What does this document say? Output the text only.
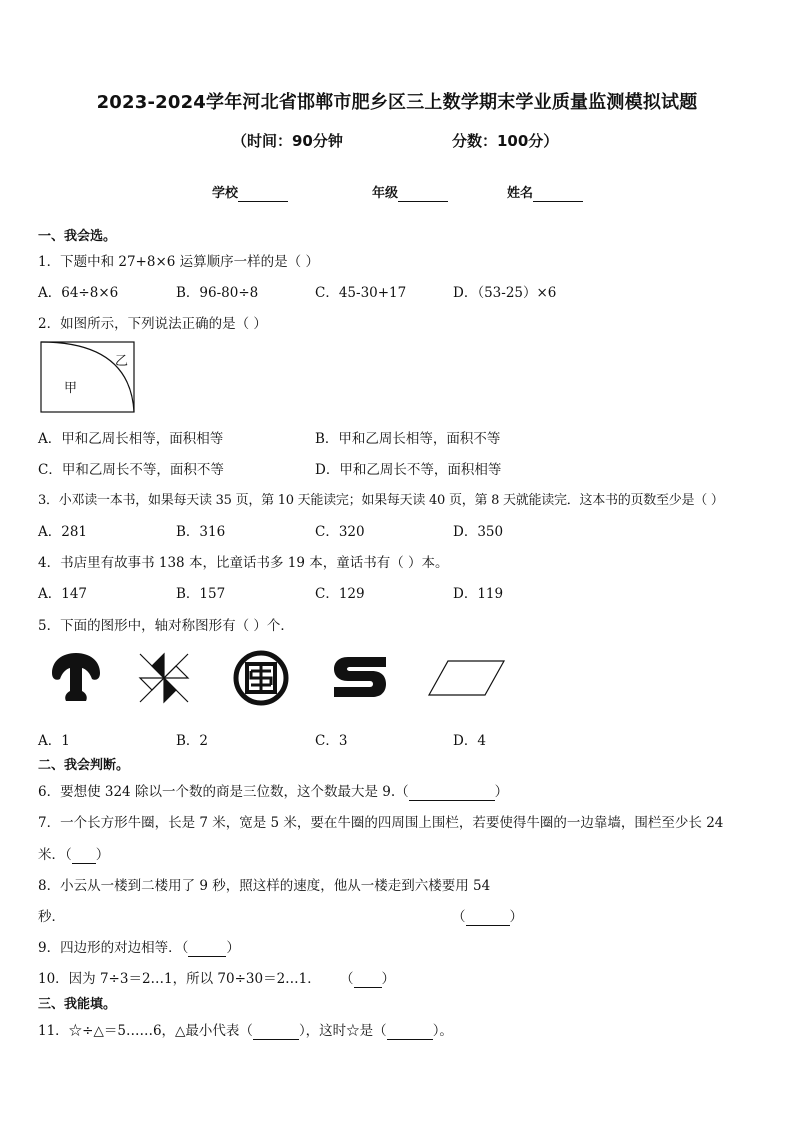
2023-2024学年河北省邯郸市肥乡区三上数学期末学业质量监测模拟试题
（时间：90分钟	分数：100分）
学校	年级	姓名
一、我会选。
1．下题中和 27+8×6 运算顺序一样的是（ ）
A．64÷8×6	B．96-80÷8	C．45-30+17	D．（53-25）×6
2．如图所示，下列说法正确的是（ ）
甲
乙
A．甲和乙周长相等，面积相等	B．甲和乙周长相等，面积不等
C．甲和乙周长不等，面积不等	D．甲和乙周长不等，面积相等
3．小邓读一本书，如果每天读 35 页，第 10 天能读完；如果每天读 40 页，第 8 天就能读完．这本书的页数至少是（ ）
A．281	B．316	C．320	D．350
4．书店里有故事书 138 本，比童话书多 19 本，童话书有（ ）本。
A．147	B．157	C．129	D．119
5．下面的图形中，轴对称图形有（ ）个．
A．1	B．2	C．3	D．4
二、我会判断。
6．要想使 324 除以一个数的商是三位数，这个数最大是 9.（	）
7．一个长方形牛圈，长是 7 米，宽是 5 米，要在牛圈的四周围上围栏，若要使得牛圈的一边靠墙，围栏至少长 24
米．（ ）
8．小云从一楼到二楼用了 9 秒，照这样的速度，他从一楼走到六楼要用 54
秒．	（	）
9．四边形的对边相等．（	）
10．因为 7÷3＝2…1，所以 70÷30＝2…1． （ ）
三、我能填。
11．☆÷△＝5……6，△最小代表（	），这时☆是（	）。
